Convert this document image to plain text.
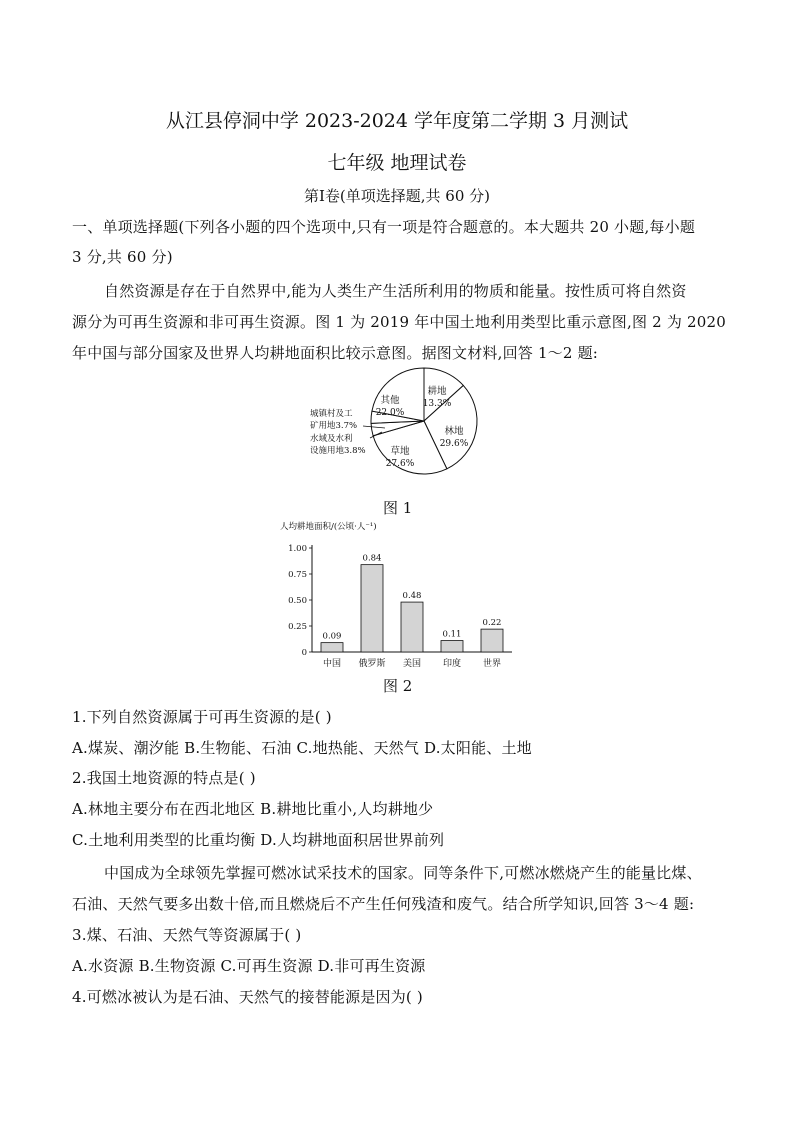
从江县停洞中学 2023-2024 学年度第二学期 3 月测试
七年级 地理试卷
第Ⅰ卷(单项选择题,共 60 分)
一、单项选择题(下列各小题的四个选项中,只有一项是符合题意的。本大题共 20 小题,每小题
3 分,共 60 分)
自然资源是存在于自然界中,能为人类生产生活所利用的物质和能量。按性质可将自然资
源分为可再生资源和非可再生资源。图 1 为 2019 年中国土地利用类型比重示意图,图 2 为 2020
年中国与部分国家及世界人均耕地面积比较示意图。据图文材料,回答 1～2 题:
耕地
13.3%
林地
29.6%
草地
27.6%
其他
22.0%
城镇村及工
矿用地3.7%
水域及水利
设施用地3.8%
图 1
人均耕地面积/(公顷·人⁻¹)
0
0.25
0.50
0.75
1.00
0.09
0.84
0.48
0.11
0.22
中国 俄罗斯 美国 印度 世界
图 2
1.下列自然资源属于可再生资源的是( )
A.煤炭、潮汐能 B.生物能、石油 C.地热能、天然气 D.太阳能、土地
2.我国土地资源的特点是( )
A.林地主要分布在西北地区 B.耕地比重小,人均耕地少
C.土地利用类型的比重均衡 D.人均耕地面积居世界前列
中国成为全球领先掌握可燃冰试采技术的国家。同等条件下,可燃冰燃烧产生的能量比煤、
石油、天然气要多出数十倍,而且燃烧后不产生任何残渣和废气。结合所学知识,回答 3～4 题:
3.煤、石油、天然气等资源属于( )
A.水资源 B.生物资源 C.可再生资源 D.非可再生资源
4.可燃冰被认为是石油、天然气的接替能源是因为( )
